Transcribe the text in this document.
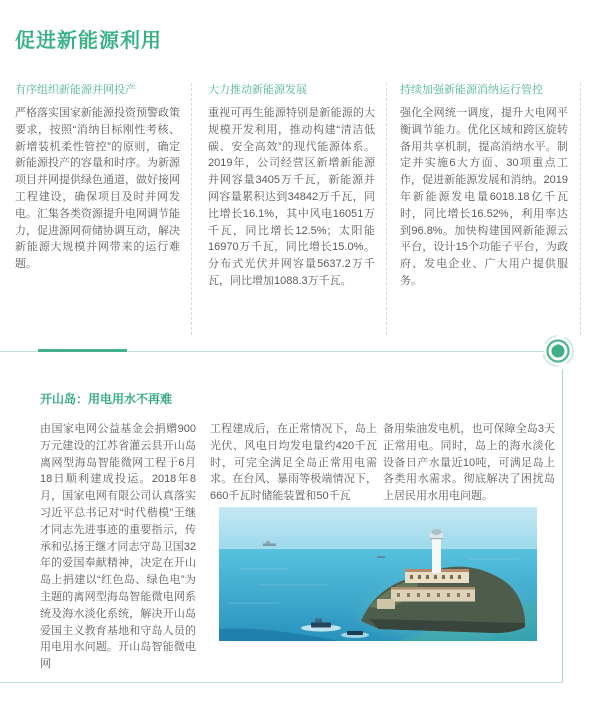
促进新能源利用
有序组织新能源并网投产

严格落实国家新能源投资预警政策要求，按照“消纳目标刚性考核、新增装机柔性管控”的原则，确定新能源投产的容量和时序。为新源项目并网提供绿色通道，做好接网工程建设，确保项目及时并网发电。汇集各类资源提升电网调节能力，促进源网荷储协调互动，解决新能源大规模并网带来的运行难题。

大力推动新能源发展

重视可再生能源特别是新能源的大规模开发利用，推动构建“清洁低碳、安全高效”的现代能源体系。2019年，公司经营区新增新能源并网容量3405万千瓦，新能源并网容量累积达到34842万千瓦，同比增长16.1%，其中风电16051万千瓦，同比增长12.5%；太阳能16970万千瓦，同比增长15.0%。分布式光伏并网容量5637.2万千瓦，同比增加1088.3万千瓦。

持续加强新能源消纳运行管控

强化全网统一调度，提升大电网平衡调节能力。优化区域和跨区旋转备用共享机制，提高消纳水平。制定并实施6大方面、30项重点工作，促进新能源发展和消纳。2019年新能源发电量6018.18亿千瓦时，同比增长16.52%，利用率达到96.8%。加快构建国网新能源云平台，设计15个功能子平台，为政府、发电企业、广大用户提供服务。

开山岛：用电用水不再难

由国家电网公益基金会捐赠900万元建设的江苏省灌云县开山岛离网型海岛智能微网工程于6月18日顺利建成投运。2018年8月，国家电网有限公司认真落实习近平总书记对“时代楷模”王继才同志先进事迹的重要指示，传承和弘扬王继才同志守岛卫国32年的爱国奉献精神，决定在开山岛上捐建以“红色岛、绿色电”为主题的离网型海岛智能微电网系统及海水淡化系统，解决开山岛爱国主义教育基地和守岛人员的用电用水问题。开山岛智能微电网

工程建成后，在正常情况下，岛上光伏、风电日均发电量约420千瓦时，可完全满足全岛正常用电需求。在台风、暴雨等极端情况下，660千瓦时储能装置和50千瓦

备用柴油发电机，也可保障全岛3天正常用电。同时，岛上的海水淡化设备日产水量近10吨，可满足岛上各类用水需求。彻底解决了困扰岛上居民用水用电问题。
